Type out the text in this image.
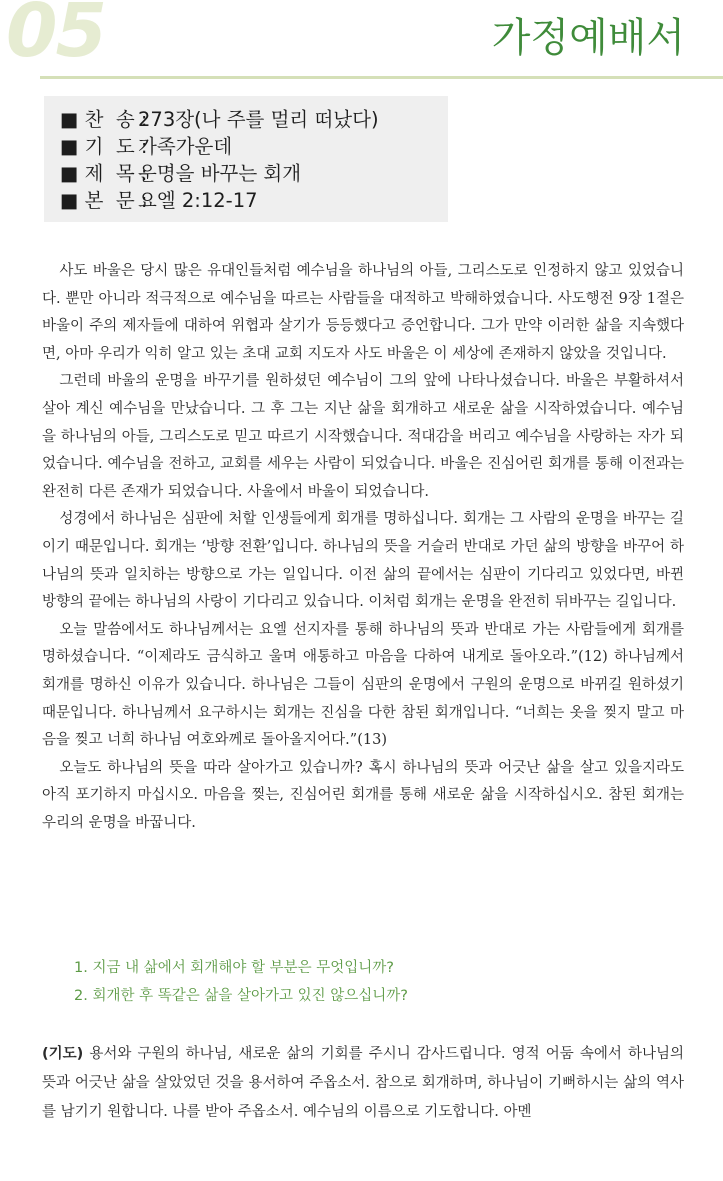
05	가정예배서
■ 찬  송 : 273장(나 주를 멀리 떠났다)
■ 기  도 : 가족가운데
■ 제  목 : 운명을 바꾸는 회개
■ 본  문 : 요엘 2:12-17

사도 바울은 당시 많은 유대인들처럼 예수님을 하나님의 아들, 그리스도로 인정하지 않고 있었습니다. 뿐만 아니라 적극적으로 예수님을 따르는 사람들을 대적하고 박해하였습니다. 사도행전 9장 1절은 바울이 주의 제자들에 대하여 위협과 살기가 등등했다고 증언합니다. 그가 만약 이러한 삶을 지속했다면, 아마 우리가 익히 알고 있는 초대 교회 지도자 사도 바울은 이 세상에 존재하지 않았을 것입니다.

그런데 바울의 운명을 바꾸기를 원하셨던 예수님이 그의 앞에 나타나셨습니다. 바울은 부활하셔서 살아 계신 예수님을 만났습니다. 그 후 그는 지난 삶을 회개하고 새로운 삶을 시작하였습니다. 예수님을 하나님의 아들, 그리스도로 믿고 따르기 시작했습니다. 적대감을 버리고 예수님을 사랑하는 자가 되었습니다. 예수님을 전하고, 교회를 세우는 사람이 되었습니다. 바울은 진심어린 회개를 통해 이전과는 완전히 다른 존재가 되었습니다. 사울에서 바울이 되었습니다.

성경에서 하나님은 심판에 처할 인생들에게 회개를 명하십니다. 회개는 그 사람의 운명을 바꾸는 길이기 때문입니다. 회개는 ‘방향 전환’입니다. 하나님의 뜻을 거슬러 반대로 가던 삶의 방향을 바꾸어 하나님의 뜻과 일치하는 방향으로 가는 일입니다. 이전 삶의 끝에서는 심판이 기다리고 있었다면, 바뀐 방향의 끝에는 하나님의 사랑이 기다리고 있습니다. 이처럼 회개는 운명을 완전히 뒤바꾸는 길입니다.

오늘 말씀에서도 하나님께서는 요엘 선지자를 통해 하나님의 뜻과 반대로 가는 사람들에게 회개를 명하셨습니다. “이제라도 금식하고 울며 애통하고 마음을 다하여 내게로 돌아오라.”(12) 하나님께서 회개를 명하신 이유가 있습니다. 하나님은 그들이 심판의 운명에서 구원의 운명으로 바뀌길 원하셨기 때문입니다. 하나님께서 요구하시는 회개는 진심을 다한 참된 회개입니다. “너희는 옷을 찢지 말고 마음을 찢고 너희 하나님 여호와께로 돌아올지어다.”(13)

오늘도 하나님의 뜻을 따라 살아가고 있습니까? 혹시 하나님의 뜻과 어긋난 삶을 살고 있을지라도 아직 포기하지 마십시오. 마음을 찢는, 진심어린 회개를 통해 새로운 삶을 시작하십시오. 참된 회개는 우리의 운명을 바꿉니다.

1. 지금 내 삶에서 회개해야 할 부분은 무엇입니까?
2. 회개한 후 똑같은 삶을 살아가고 있진 않으십니까?
(기도) 용서와 구원의 하나님, 새로운 삶의 기회를 주시니 감사드립니다. 영적 어둠 속에서 하나님의 뜻과 어긋난 삶을 살았었던 것을 용서하여 주옵소서. 참으로 회개하며, 하나님이 기뻐하시는 삶의 역사를 남기기 원합니다. 나를 받아 주옵소서. 예수님의 이름으로 기도합니다. 아멘
